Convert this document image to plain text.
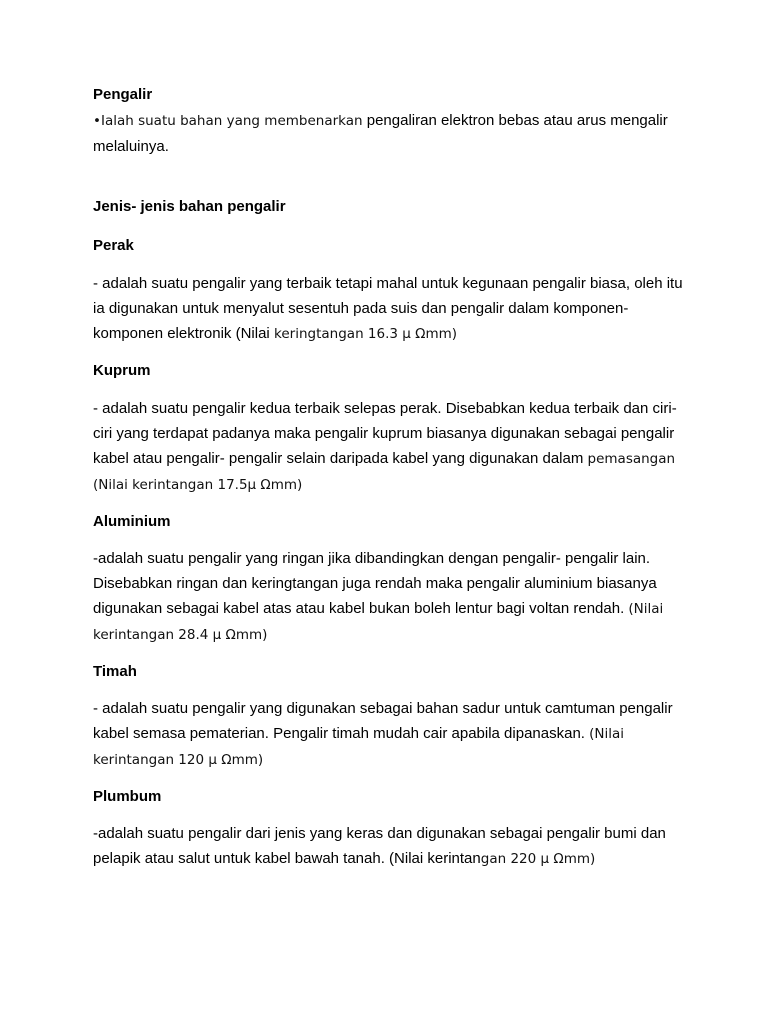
Pengalir
•Ialah suatu bahan yang membenarkan pengaliran elektron bebas atau arus mengalir melaluinya.
Jenis- jenis bahan pengalir
Perak
- adalah suatu pengalir yang terbaik tetapi mahal untuk kegunaan pengalir biasa, oleh itu ia digunakan untuk menyalut sesentuh pada suis dan pengalir dalam komponen- komponen elektronik (Nilai keringtangan 16.3 µ Ωmm)
Kuprum
- adalah suatu pengalir kedua terbaik selepas perak. Disebabkan kedua terbaik dan ciri- ciri yang terdapat padanya maka pengalir kuprum biasanya digunakan sebagai pengalir kabel atau pengalir- pengalir selain daripada kabel yang digunakan dalam pemasangan (Nilai kerintangan 17.5µ Ωmm)
Aluminium
-adalah suatu pengalir yang ringan jika dibandingkan dengan pengalir- pengalir lain. Disebabkan ringan dan keringtangan juga rendah maka pengalir aluminium biasanya digunakan sebagai kabel atas atau kabel bukan boleh lentur bagi voltan rendah. (Nilai kerintangan 28.4 µ Ωmm)
Timah
- adalah suatu pengalir yang digunakan sebagai bahan sadur untuk camtuman pengalir kabel semasa pematerian. Pengalir timah mudah cair apabila dipanaskan. (Nilai kerintangan 120 µ Ωmm)
Plumbum
-adalah suatu pengalir dari jenis yang keras dan digunakan sebagai pengalir bumi dan pelapik atau salut untuk kabel bawah tanah. (Nilai kerintangan 220 µ Ωmm)
